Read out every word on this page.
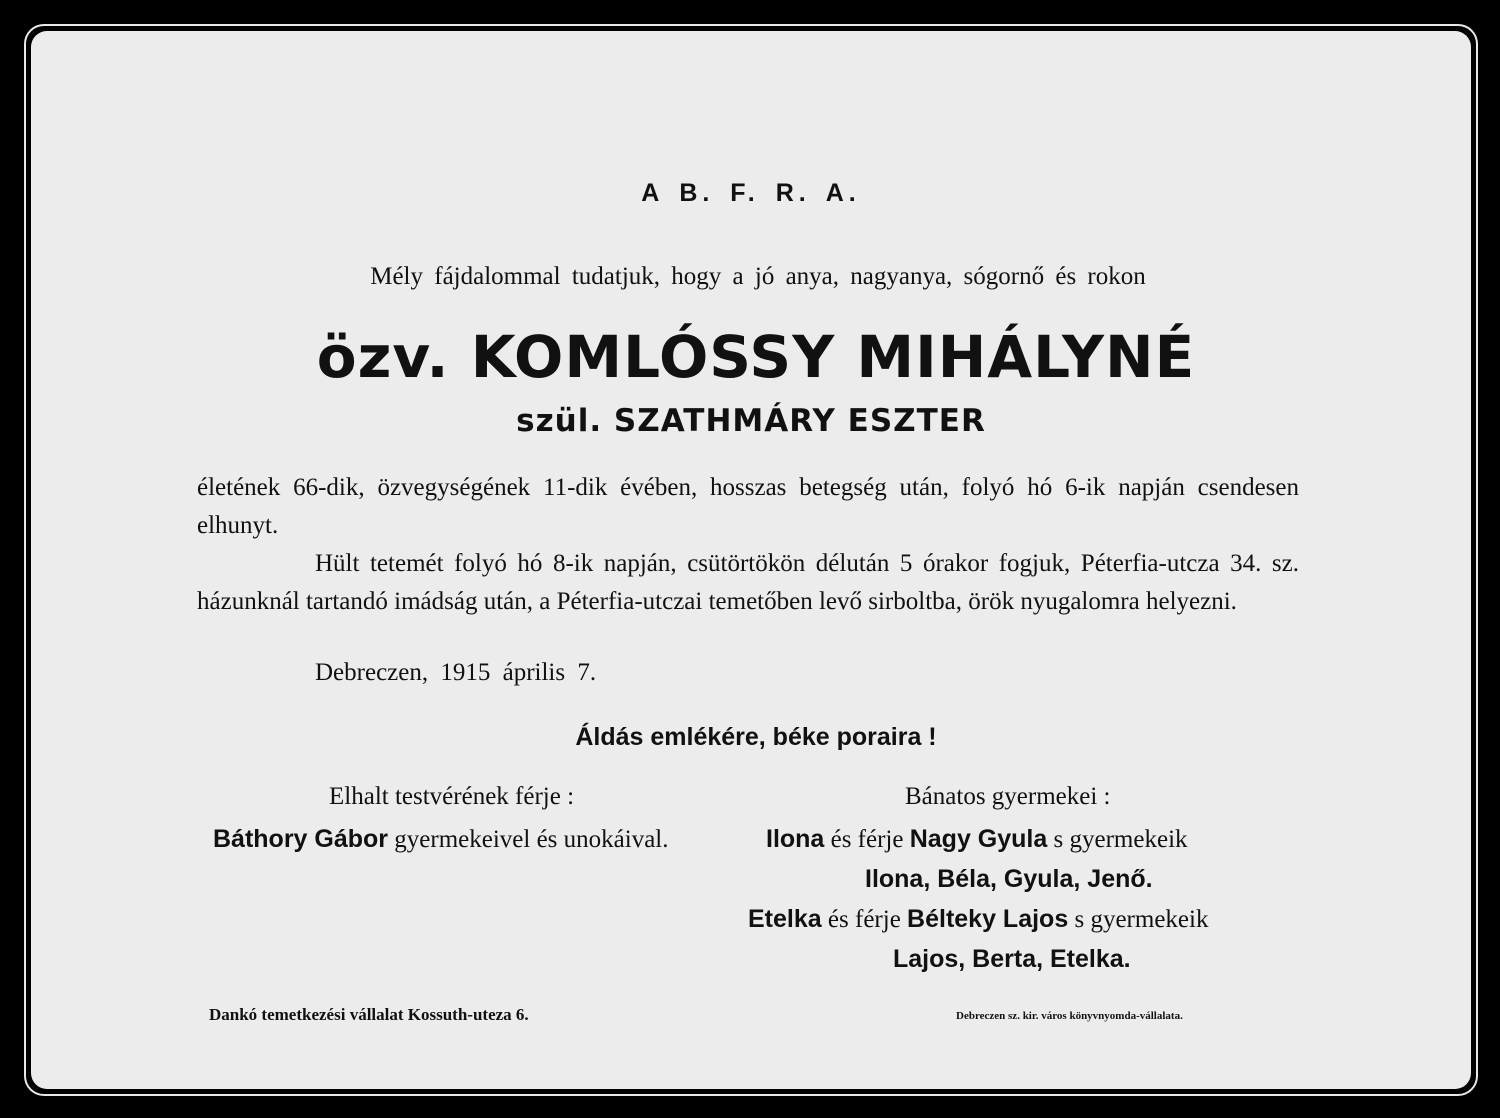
A B. F. R. A.
Mély fájdalommal tudatjuk, hogy a jó anya, nagyanya, sógornő és rokon
özv. KOMLÓSSY MIHÁLYNÉ
szül. SZATHMÁRY ESZTER

életének 66-dik, özvegységének 11-dik évében, hosszas betegség után, folyó hó 6-ik napján csendesen elhunyt.

Hült tetemét folyó hó 8-ik napján, csütörtökön délután 5 órakor fogjuk, Péterfia-utcza 34. sz. házunknál tartandó imádság után, a Péterfia-utczai temetőben levő sirboltba, örök nyugalomra helyezni.

Debreczen, 1915 április 7.
Áldás emlékére, béke poraira !
Elhalt testvérének férje :	Bánatos gyermekei :
Báthory Gábor gyermekeivel és unokáival.	Ilona és férje Nagy Gyula s gyermekeik
Ilona, Béla, Gyula, Jenő.
Etelka és férje Bélteky Lajos s gyermekeik
Lajos, Berta, Etelka.
Dankó temetkezési vállalat Kossuth-uteza 6.	Debreczen sz. kir. város könyvnyomda-vállalata.
